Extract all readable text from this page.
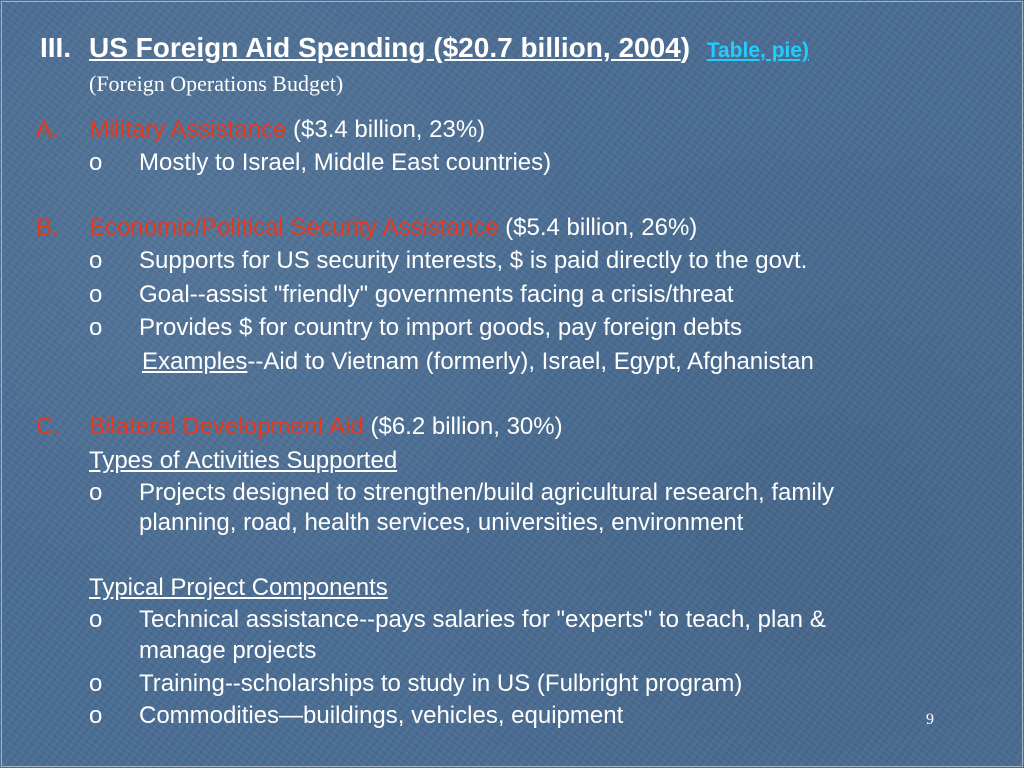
III. US Foreign Aid Spending ($20.7 billion, 2004) Table, pie)
(Foreign Operations Budget)
A. Military Assistance ($3.4 billion, 23%)
o Mostly to Israel, Middle East countries)
B. Economic/Political Security Assistance ($5.4 billion, 26%)
o Supports for US security interests, $ is paid directly to the govt.
o Goal--assist "friendly" governments facing a crisis/threat
o Provides $ for country to import goods, pay foreign debts
Examples--Aid to Vietnam (formerly), Israel, Egypt, Afghanistan
C. Bilateral Development Aid ($6.2 billion, 30%)
Types of Activities Supported
o Projects designed to strengthen/build agricultural research, family
planning, road, health services, universities, environment
Typical Project Components
o Technical assistance--pays salaries for "experts" to teach, plan &
manage projects
o Training--scholarships to study in US (Fulbright program)
o Commodities—buildings, vehicles, equipment	9
